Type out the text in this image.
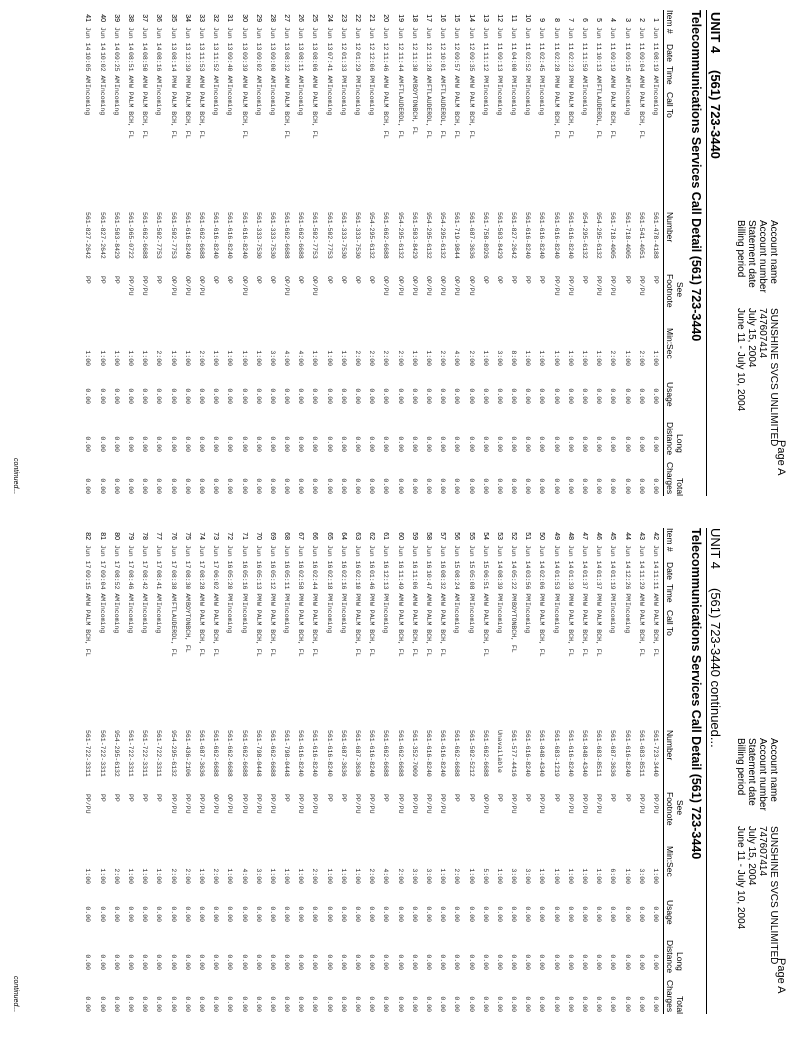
Page A
Account name
SUNSHINE SVCS UNLIMITED
Account number
747607414
Statement date
July 15, 2004
Billing period
June 11 - July 10, 2004
UNIT 4
(561) 723-3440
Telecommunications Services Call Detail (561) 723-3440
Item #
Date
Time
Call To
Number
See
Footnote
Min:Sec
Usage
Long
Distance
Total
Charges
1
Jun 11
08:19 AM
Incoming
561-478-4188
PP
1:00
0.00
0.00
0.00
2
Jun 11
09:04 AM
W PALM BCH, FL
561-541-4051
PP/PU
2:00
0.00
0.00
0.00
3
Jun 11
09:15 AM
Incoming
561-718-4005
PP
1:00
0.00
0.00
0.00
4
Jun 11
09:19 AM
W PALM BCH, FL
561-718-4005
PP/PU
2:00
0.00
0.00
0.00
5
Jun 11
10:13 AM
FTLAUDERDL, FL
954-295-6132
PP/PU
1:00
0.00
0.00
0.00
6
Jun 11
11:59 AM
Incoming
954-295-6132
PP
1:00
0.00
0.00
0.00
7
Jun 11
02:23 PM
W PALM BCH, FL
561-616-8240
PP/PU
1:00
0.00
0.00
0.00
8
Jun 11
02:28 PM
W PALM BCH, FL
561-616-8240
PP/PU
1:00
0.00
0.00
0.00
9
Jun 11
02:45 PM
Incoming
561-616-8240
PP
1:00
0.00
0.00
0.00
10
Jun 11
02:52 PM
Incoming
561-616-8240
PP
1:00
0.00
0.00
0.00
11
Jun 11
04:00 PM
Incoming
561-827-2642
PP
8:00
0.00
0.00
0.00
12
Jun 11
09:13 PM
Incoming
561-503-8429
OP
3:00
0.00
0.00
0.00
13
Jun 11
11:12 PM
Incoming
561-758-8926
OP
1:00
0.00
0.00
0.00
14
Jun 12
09:35 AM
W PALM BCH, FL
561-687-3636
OP/PU
2:00
0.00
0.00
0.00
15
Jun 12
09:57 AM
W PALM BCH, FL
561-719-9844
OP/PU
4:00
0.00
0.00
0.00
16
Jun 12
10:01 AM
FTLAUDERDL, FL
954-295-6132
OP/PU
2:00
0.00
0.00
0.00
17
Jun 12
11:28 AM
FTLAUDERDL, FL
954-295-6132
OP/PU
1:00
0.00
0.00
0.00
18
Jun 12
11:30 AM
BOYTONBCH, FL
561-503-8429
OP/PU
1:00
0.00
0.00
0.00
19
Jun 12
11:44 AM
FTLAUDERDL, FL
954-295-6132
OP/PU
2:00
0.00
0.00
0.00
20
Jun 12
11:46 AM
W PALM BCH, FL
561-662-6688
OP/PU
2:00
0.00
0.00
0.00
21
Jun 12
12:06 PM
Incoming
954-295-6132
OP
2:00
0.00
0.00
0.00
22
Jun 12
01:29 PM
Incoming
561-333-7530
OP
2:00
0.00
0.00
0.00
23
Jun 12
01:33 PM
Incoming
561-333-7530
OP
1:00
0.00
0.00
0.00
24
Jun 13
07:41 AM
Incoming
561-502-7753
OP
1:00
0.00
0.00
0.00
25
Jun 13
08:06 AM
W PALM BCH, FL
561-502-7753
OP/PU
1:00
0.00
0.00
0.00
26
Jun 13
08:11 AM
Incoming
561-662-6688
OP
4:00
0.00
0.00
0.00
27
Jun 13
08:32 AM
W PALM BCH, FL
561-662-6688
OP/PU
4:00
0.00
0.00
0.00
28
Jun 13
09:00 AM
Incoming
561-333-7530
OP
3:00
0.00
0.00
0.00
29
Jun 13
09:02 AM
Incoming
561-333-7530
OP
1:00
0.00
0.00
0.00
30
Jun 13
09:39 AM
W PALM BCH, FL
561-616-8240
OP/PU
1:00
0.00
0.00
0.00
31
Jun 13
09:40 AM
Incoming
561-616-8240
OP
1:00
0.00
0.00
0.00
32
Jun 13
11:52 AM
Incoming
561-616-8240
OP
1:00
0.00
0.00
0.00
33
Jun 13
11:53 AM
W PALM BCH, FL
561-662-6688
OP/PU
2:00
0.00
0.00
0.00
34
Jun 13
12:39 PM
W PALM BCH, FL
561-616-8240
OP/PU
1:00
0.00
0.00
0.00
35
Jun 13
08:14 PM
W PALM BCH, FL
561-502-7753
OP/PU
1:00
0.00
0.00
0.00
36
Jun 14
08:16 AM
Incoming
561-502-7753
PP
2:00
0.00
0.00
0.00
37
Jun 14
08:50 AM
W PALM BCH, FL
561-662-6688
PP/PU
1:00
0.00
0.00
0.00
38
Jun 14
08:51 AM
W PALM BCH, FL
561-965-0722
PP/PU
1:00
0.00
0.00
0.00
39
Jun 14
09:25 AM
Incoming
561-503-8429
PP
1:00
0.00
0.00
0.00
40
Jun 14
10:02 AM
Incoming
561-827-2642
PP
1:00
0.00
0.00
0.00
41
Jun 14
10:05 AM
Incoming
561-827-2642
PP
1:00
0.00
0.00
0.00
continued...
Page A
Account name
SUNSHINE SVCS UNLIMITED
Account number
747607414
Statement date
July 15, 2004
Billing period
June 11 - July 10, 2004
UNIT 4
(561) 723-3440 continued...
Telecommunications Services Call Detail (561) 723-3440
Item #
Date
Time
Call To
Number
See
Footnote
Min:Sec
Usage
Long
Distance
Total
Charges
42
Jun 14
11:11 AM
W PALM BCH, FL
561-723-3440
PP/PU
1:00
0.00
0.00
0.00
43
Jun 14
11:29 AM
W PALM BCH, FL
561-683-8511
PP/PU
3:00
0.00
0.00
0.00
44
Jun 14
12:26 PM
Incoming
561-616-8240
PP
1:00
0.00
0.00
0.00
45
Jun 14
01:19 PM
Incoming
561-687-3636
PP
6:00
0.00
0.00
0.00
46
Jun 14
01:37 PM
W PALM BCH, FL
561-683-8511
PP/PU
1:00
0.00
0.00
0.00
47
Jun 14
01:37 PM
W PALM BCH, FL
561-848-4340
PP/PU
1:00
0.00
0.00
0.00
48
Jun 14
01:39 PM
W PALM BCH, FL
561-616-8240
PP/PU
1:00
0.00
0.00
0.00
49
Jun 14
01:53 PM
Incoming
561-683-1219
PP
1:00
0.00
0.00
0.00
50
Jun 14
02:06 PM
W PALM BCH, FL
561-848-4340
PP/PU
1:00
0.00
0.00
0.00
51
Jun 14
03:56 PM
Incoming
561-616-8240
PP
3:00
0.00
0.00
0.00
52
Jun 14
05:22 PM
BOYTONBCH, FL
561-577-4416
PP/PU
3:00
0.00
0.00
0.00
53
Jun 14
08:39 PM
Incoming
Unavailable
PP
1:00
0.00
0.00
0.00
54
Jun 15
06:51 AM
W PALM BCH, FL
561-662-6688
OP/PU
5:00
0.00
0.00
0.00
55
Jun 15
05:08 PM
Incoming
561-502-5212
PP
1:00
0.00
0.00
0.00
56
Jun 15
08:24 AM
Incoming
561-662-6688
PP
2:00
0.00
0.00
0.00
57
Jun 16
08:32 AM
W PALM BCH, FL
561-616-8240
PP/PU
1:00
0.00
0.00
0.00
58
Jun 16
10:47 AM
W PALM BCH, FL
561-616-8240
PP/PU
3:00
0.00
0.00
0.00
59
Jun 16
11:06 AM
W PALM BCH, FL
561-352-7009
PP/PU
3:00
0.00
0.00
0.00
60
Jun 16
11:49 AM
W PALM BCH, FL
561-662-6688
PP/PU
2:00
0.00
0.00
0.00
61
Jun 16
12:13 PM
Incoming
561-662-6688
PP
4:00
0.00
0.00
0.00
62
Jun 16
01:46 PM
W PALM BCH, FL
561-616-8240
PP/PU
2:00
0.00
0.00
0.00
63
Jun 16
02:10 PM
W PALM BCH, FL
561-687-3636
PP/PU
1:00
0.00
0.00
0.00
64
Jun 16
02:16 PM
Incoming
561-687-3636
PP
1:00
0.00
0.00
0.00
65
Jun 16
02:18 PM
Incoming
561-616-8240
PP
1:00
0.00
0.00
0.00
66
Jun 16
02:44 PM
W PALM BCH, FL
561-616-8240
PP/PU
2:00
0.00
0.00
0.00
67
Jun 16
02:58 PM
W PALM BCH, FL
561-616-8240
PP/PU
1:00
0.00
0.00
0.00
68
Jun 16
05:11 PM
Incoming
561-798-0448
PP
1:00
0.00
0.00
0.00
69
Jun 16
05:12 PM
W PALM BCH, FL
561-662-6688
PP/PU
1:00
0.00
0.00
0.00
70
Jun 16
05:13 PM
W PALM BCH, FL
561-798-0448
PP/PU
3:00
0.00
0.00
0.00
71
Jun 16
05:16 PM
Incoming
561-662-6688
PP/PU
4:00
0.00
0.00
0.00
72
Jun 16
05:20 PM
Incoming
561-662-6688
OP/PU
1:00
0.00
0.00
0.00
73
Jun 17
06:02 AM
W PALM BCH, FL
561-662-6688
OP/PU
2:00
0.00
0.00
0.00
74
Jun 17
08:28 AM
W PALM BCH, FL
561-687-3636
PP/PU
1:00
0.00
0.00
0.00
75
Jun 17
08:30 AM
BOYTONBCH, FL
561-436-2106
PP/PU
2:00
0.00
0.00
0.00
76
Jun 17
08:38 AM
FTLAUDERDL, FL
954-295-6132
PP/PU
2:00
0.00
0.00
0.00
77
Jun 17
08:41 AM
Incoming
561-722-3311
PP
1:00
0.00
0.00
0.00
78
Jun 17
08:42 AM
Incoming
561-722-3311
PP
1:00
0.00
0.00
0.00
79
Jun 17
08:46 AM
Incoming
561-722-3311
PP
1:00
0.00
0.00
0.00
80
Jun 17
08:52 AM
Incoming
954-295-6132
PP
2:00
0.00
0.00
0.00
81
Jun 17
09:04 AM
Incoming
561-722-3311
PP
1:00
0.00
0.00
0.00
82
Jun 17
09:15 AM
W PALM BCH, FL
561-722-3311
PP/PU
1:00
0.00
0.00
0.00
continued...
